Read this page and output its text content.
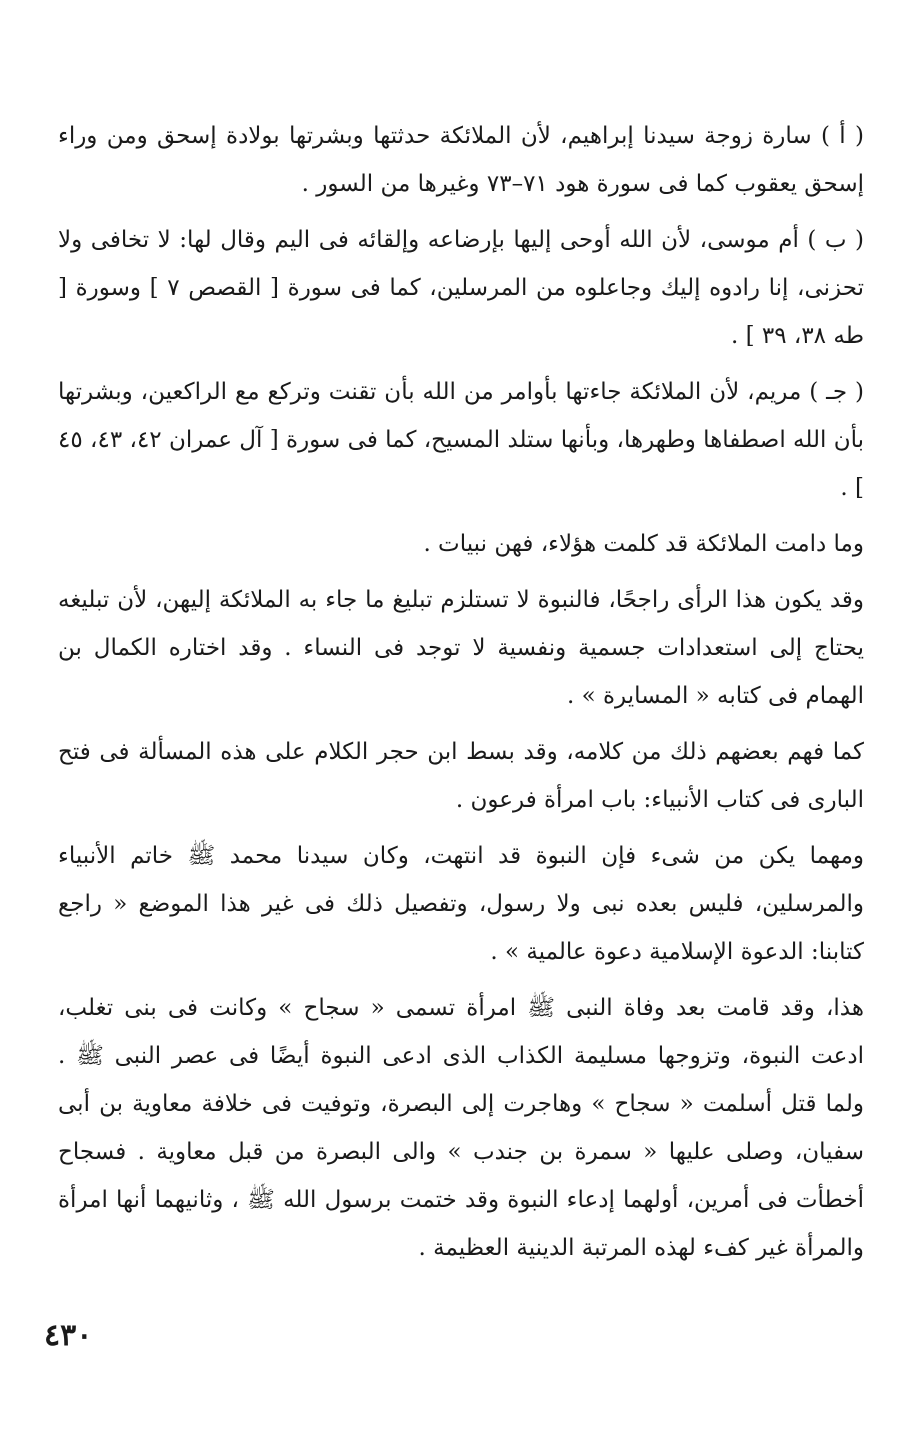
( أ ) سارة زوجة سيدنا إبراهيم، لأن الملائكة حدثتها وبشرتها بولادة إسحق ومن وراء إسحق يعقوب كما فى سورة هود ٧١–٧٣ وغيرها من السور .

( ب ) أم موسى، لأن الله أوحى إليها بإرضاعه وإلقائه فى اليم وقال لها: لا تخافى ولا تحزنى، إنا رادوه إليك وجاعلوه من المرسلين، كما فى سورة [ القصص ٧ ] وسورة [ طه ٣٨، ٣٩ ] .

( جـ ) مريم، لأن الملائكة جاءتها بأوامر من الله بأن تقنت وتركع مع الراكعين، وبشرتها بأن الله اصطفاها وطهرها، وبأنها ستلد المسيح، كما فى سورة [ آل عمران ٤٢، ٤٣، ٤٥ ] .

وما دامت الملائكة قد كلمت هؤلاء، فهن نبيات .

وقد يكون هذا الرأى راجحًا، فالنبوة لا تستلزم تبليغ ما جاء به الملائكة إليهن، لأن تبليغه يحتاج إلى استعدادات جسمية ونفسية لا توجد فى النساء . وقد اختاره الكمال بن الهمام فى كتابه « المسايرة » .

كما فهم بعضهم ذلك من كلامه، وقد بسط ابن حجر الكلام على هذه المسألة فى فتح البارى فى كتاب الأنبياء: باب امرأة فرعون .

ومهما يكن من شىء فإن النبوة قد انتهت، وكان سيدنا محمد ﷺ خاتم الأنبياء والمرسلين، فليس بعده نبى ولا رسول، وتفصيل ذلك فى غير هذا الموضع « راجع كتابنا: الدعوة الإسلامية دعوة عالمية » .

هذا، وقد قامت بعد وفاة النبى ﷺ امرأة تسمى « سجاح » وكانت فى بنى تغلب، ادعت النبوة، وتزوجها مسليمة الكذاب الذى ادعى النبوة أيضًا فى عصر النبى ﷺ . ولما قتل أسلمت « سجاح » وهاجرت إلى البصرة، وتوفيت فى خلافة معاوية بن أبى سفيان، وصلى عليها « سمرة بن جندب » والى البصرة من قبل معاوية . فسجاح أخطأت فى أمرين، أولهما إدعاء النبوة وقد ختمت برسول الله ﷺ ، وثانيهما أنها امرأة والمرأة غير كفء لهذه المرتبة الدينية العظيمة .

٤٣٠
